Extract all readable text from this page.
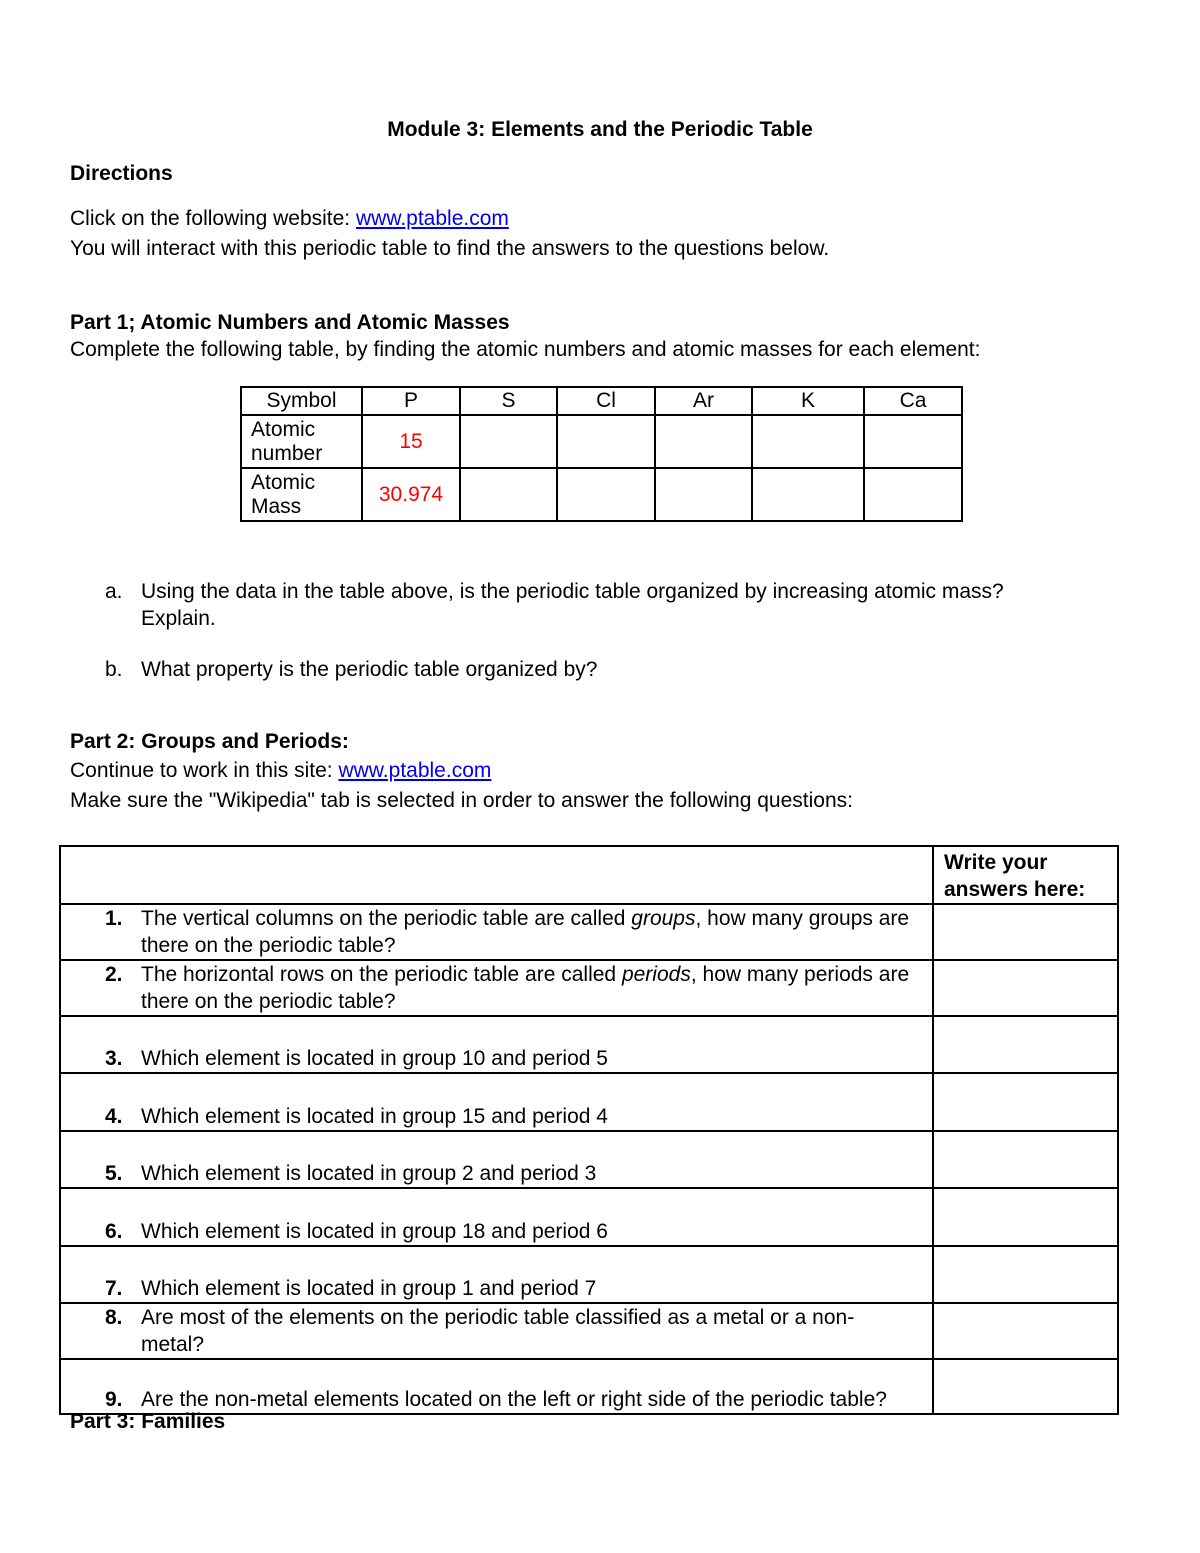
Module 3: Elements and the Periodic Table
Directions
Click on the following website: www.ptable.com
You will interact with this periodic table to find the answers to the questions below.
Part 1; Atomic Numbers and Atomic Masses
Complete the following table, by finding the atomic numbers and atomic masses for each element:
Symbol	P	S	Cl	Ar	K	Ca

Atomic
number	15					

Atomic
Mass	30.974					
a. Using the data in the table above, is the periodic table organized by increasing atomic mass?
Explain.
b. What property is the periodic table organized by?
Part 2: Groups and Periods:
Continue to work in this site: www.ptable.com
Make sure the "Wikipedia" tab is selected in order to answer the following questions:

	Write your
answers here:

1. The vertical columns on the periodic table are called groups, how many groups are there on the periodic table?	

2. The horizontal rows on the periodic table are called periods, how many periods are there on the periodic table?	

3. Which element is located in group 10 and period 5	

4. Which element is located in group 15 and period 4	

5. Which element is located in group 2 and period 3	

6. Which element is located in group 18 and period 6	

7. Which element is located in group 1 and period 7	

8. Are most of the elements on the periodic table classified as a metal or a non-metal?	

9. Are the non-metal elements located on the left or right side of the periodic table?	

Part 3: Families
